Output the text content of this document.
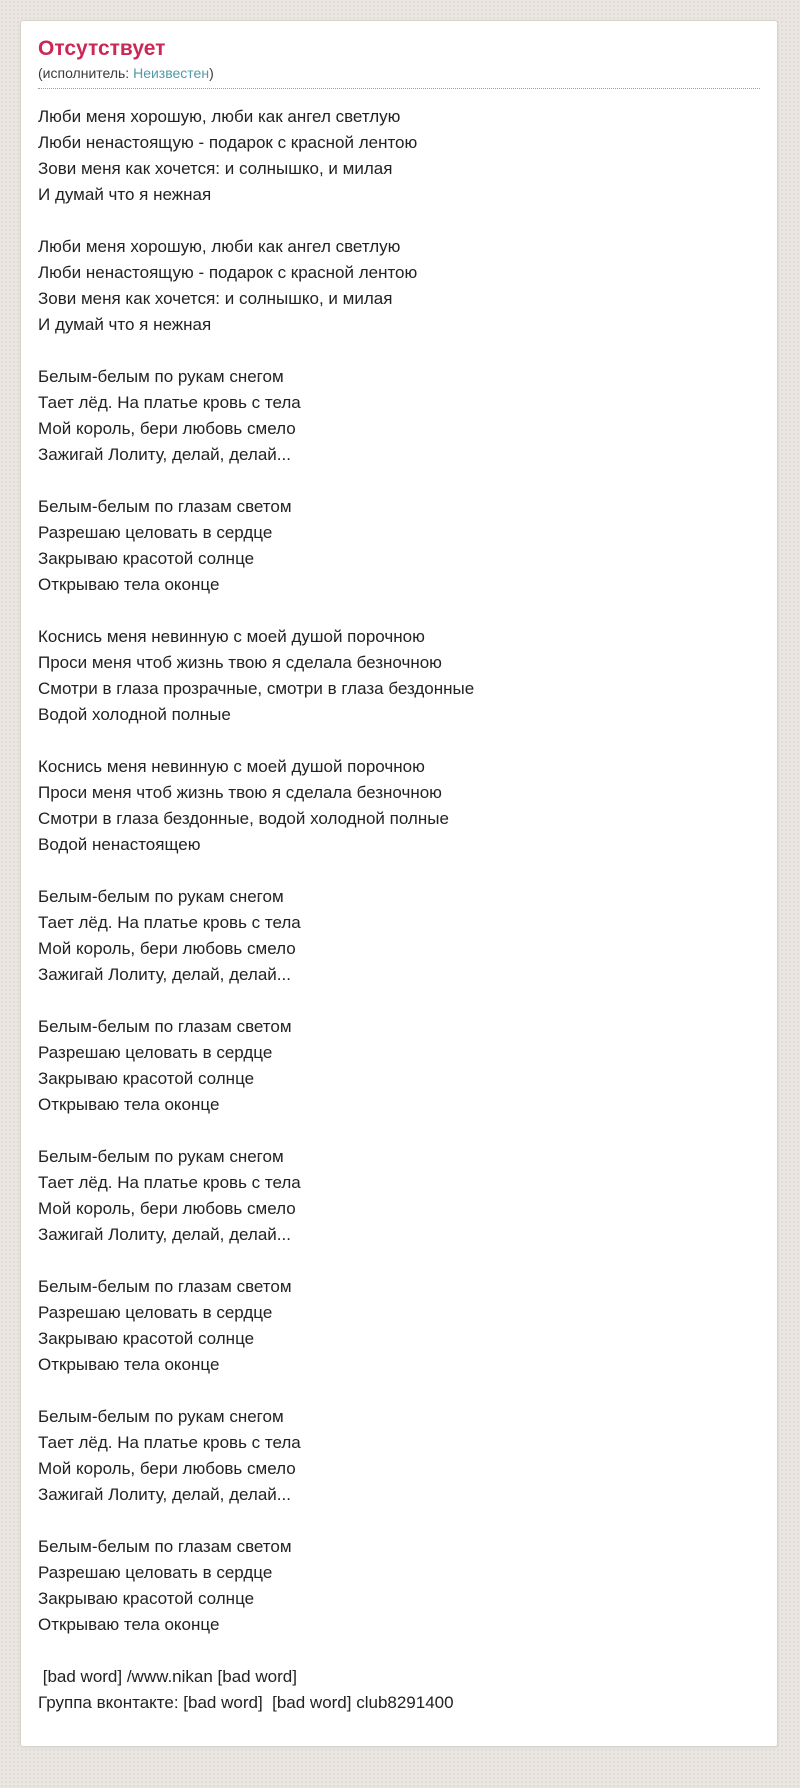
Отсутствует
(исполнитель: Неизвестен)
Люби меня хорошую, люби как ангел светлую
Люби ненастоящую - подарок с красной лентою
Зови меня как хочется: и солнышко, и милая
И думай что я нежная
Люби меня хорошую, люби как ангел светлую
Люби ненастоящую - подарок с красной лентою
Зови меня как хочется: и солнышко, и милая
И думай что я нежная
Белым-белым по рукам снегом
Тает лёд. На платье кровь с тела
Мой король, бери любовь смело
Зажигай Лолиту, делай, делай...
Белым-белым по глазам светом
Разрешаю целовать в сердце
Закрываю красотой солнце
Открываю тела оконце
Коснись меня невинную с моей душой порочною
Проси меня чтоб жизнь твою я сделала безночною
Смотри в глаза прозрачные, смотри в глаза бездонные
Водой холодной полные
Коснись меня невинную с моей душой порочною
Проси меня чтоб жизнь твою я сделала безночною
Смотри в глаза бездонные, водой холодной полные
Водой ненастоящею
Белым-белым по рукам снегом
Тает лёд. На платье кровь с тела
Мой король, бери любовь смело
Зажигай Лолиту, делай, делай...
Белым-белым по глазам светом
Разрешаю целовать в сердце
Закрываю красотой солнце
Открываю тела оконце
Белым-белым по рукам снегом
Тает лёд. На платье кровь с тела
Мой король, бери любовь смело
Зажигай Лолиту, делай, делай...
Белым-белым по глазам светом
Разрешаю целовать в сердце
Закрываю красотой солнце
Открываю тела оконце
Белым-белым по рукам снегом
Тает лёд. На платье кровь с тела
Мой король, бери любовь смело
Зажигай Лолиту, делай, делай...
Белым-белым по глазам светом
Разрешаю целовать в сердце
Закрываю красотой солнце
Открываю тела оконце
[bad word] /www.nikan [bad word]
Группа вконтакте: [bad word]  [bad word] club8291400
